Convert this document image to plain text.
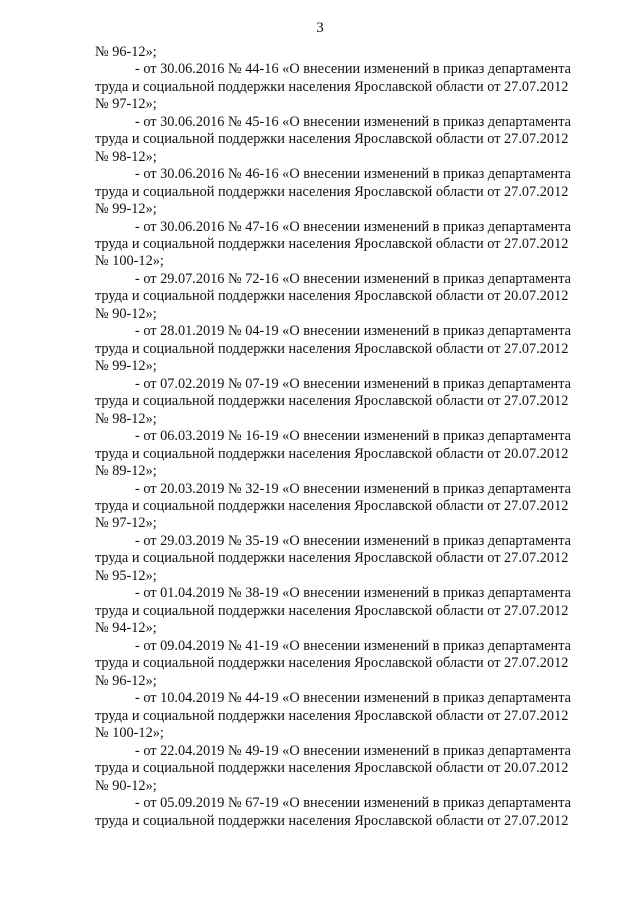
3
№ 96-12»;
- от 30.06.2016 № 44-16 «О внесении изменений в приказ департамента
труда и социальной поддержки населения Ярославской области от 27.07.2012
№ 97-12»;
- от 30.06.2016 № 45-16 «О внесении изменений в приказ департамента
труда и социальной поддержки населения Ярославской области от 27.07.2012
№ 98-12»;
- от 30.06.2016 № 46-16 «О внесении изменений в приказ департамента
труда и социальной поддержки населения Ярославской области от 27.07.2012
№ 99-12»;
- от 30.06.2016 № 47-16 «О внесении изменений в приказ департамента
труда и социальной поддержки населения Ярославской области от 27.07.2012
№ 100-12»;
- от 29.07.2016 № 72-16 «О внесении изменений в приказ департамента
труда и социальной поддержки населения Ярославской области от 20.07.2012
№ 90-12»;
- от 28.01.2019 № 04-19 «О внесении изменений в приказ департамента
труда и социальной поддержки населения Ярославской области от 27.07.2012
№ 99-12»;
- от 07.02.2019 № 07-19 «О внесении изменений в приказ департамента
труда и социальной поддержки населения Ярославской области от 27.07.2012
№ 98-12»;
- от 06.03.2019 № 16-19 «О внесении изменений в приказ департамента
труда и социальной поддержки населения Ярославской области от 20.07.2012
№ 89-12»;
- от 20.03.2019 № 32-19 «О внесении изменений в приказ департамента
труда и социальной поддержки населения Ярославской области от 27.07.2012
№ 97-12»;
- от 29.03.2019 № 35-19 «О внесении изменений в приказ департамента
труда и социальной поддержки населения Ярославской области от 27.07.2012
№ 95-12»;
- от 01.04.2019 № 38-19 «О внесении изменений в приказ департамента
труда и социальной поддержки населения Ярославской области от 27.07.2012
№ 94-12»;
- от 09.04.2019 № 41-19 «О внесении изменений в приказ департамента
труда и социальной поддержки населения Ярославской области от 27.07.2012
№ 96-12»;
- от 10.04.2019 № 44-19 «О внесении изменений в приказ департамента
труда и социальной поддержки населения Ярославской области от 27.07.2012
№ 100-12»;
- от 22.04.2019 № 49-19 «О внесении изменений в приказ департамента
труда и социальной поддержки населения Ярославской области от 20.07.2012
№ 90-12»;
- от 05.09.2019 № 67-19 «О внесении изменений в приказ департамента
труда и социальной поддержки населения Ярославской области от 27.07.2012
